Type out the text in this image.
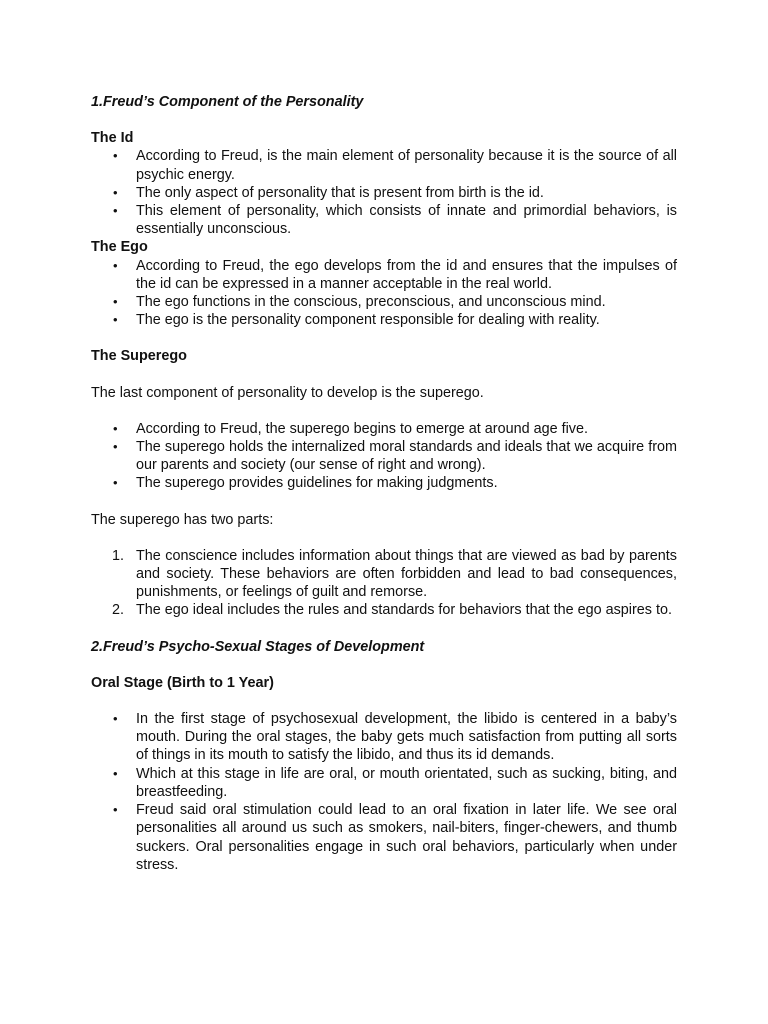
1.Freud’s Component of the Personality

The Id

• According to Freud, is the main element of personality because it is the source of all psychic energy.
• The only aspect of personality that is present from birth is the id.
• This element of personality, which consists of innate and primordial behaviors, is essentially unconscious.

The Ego

• According to Freud, the ego develops from the id and ensures that the impulses of the id can be expressed in a manner acceptable in the real world.
• The ego functions in the conscious, preconscious, and unconscious mind.
• The ego is the personality component responsible for dealing with reality.

The Superego

The last component of personality to develop is the superego.

• According to Freud, the superego begins to emerge at around age five.
• The superego holds the internalized moral standards and ideals that we acquire from our parents and society (our sense of right and wrong).
• The superego provides guidelines for making judgments.

The superego has two parts:

1. The conscience includes information about things that are viewed as bad by parents and society. These behaviors are often forbidden and lead to bad consequences, punishments, or feelings of guilt and remorse.
2. The ego ideal includes the rules and standards for behaviors that the ego aspires to.

2.Freud’s Psycho-Sexual Stages of Development

Oral Stage (Birth to 1 Year)

• In the first stage of psychosexual development, the libido is centered in a baby’s mouth. During the oral stages, the baby gets much satisfaction from putting all sorts of things in its mouth to satisfy the libido, and thus its id demands.
• Which at this stage in life are oral, or mouth orientated, such as sucking, biting, and breastfeeding.
• Freud said oral stimulation could lead to an oral fixation in later life. We see oral personalities all around us such as smokers, nail-biters, finger-chewers, and thumb suckers. Oral personalities engage in such oral behaviors, particularly when under stress.
